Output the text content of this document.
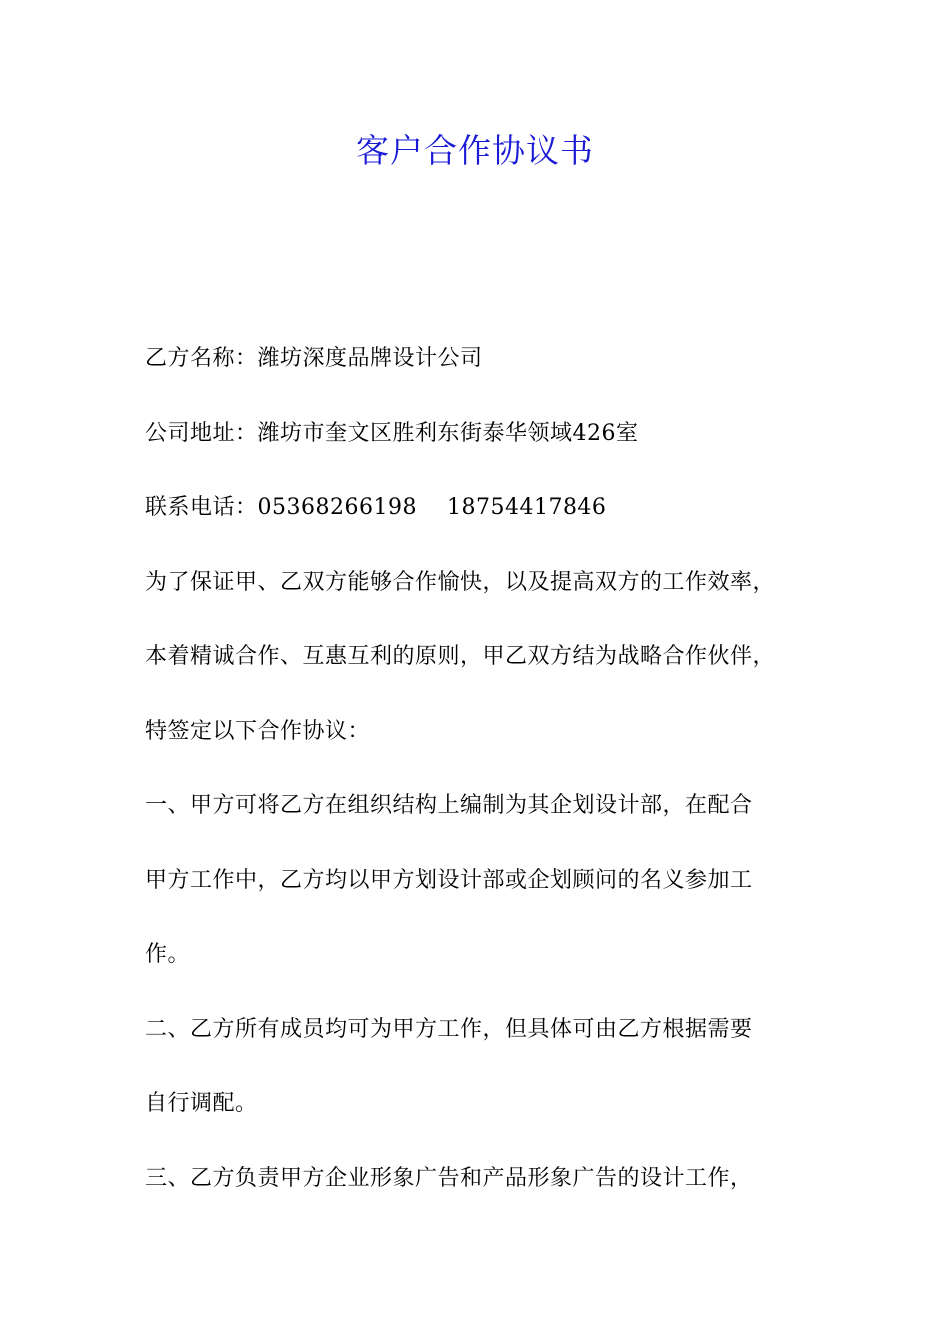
客户合作协议书
乙方名称：潍坊深度品牌设计公司
公司地址：潍坊市奎文区胜利东街泰华领域426室
联系电话：05368266198　 18754417846
为了保证甲、乙双方能够合作愉快，以及提高双方的工作效率，
本着精诚合作、互惠互利的原则，甲乙双方结为战略合作伙伴，
特签定以下合作协议：
一、甲方可将乙方在组织结构上编制为其企划设计部，在配合
甲方工作中，乙方均以甲方划设计部或企划顾问的名义参加工
作。
二、乙方所有成员均可为甲方工作，但具体可由乙方根据需要
自行调配。
三、乙方负责甲方企业形象广告和产品形象广告的设计工作，
